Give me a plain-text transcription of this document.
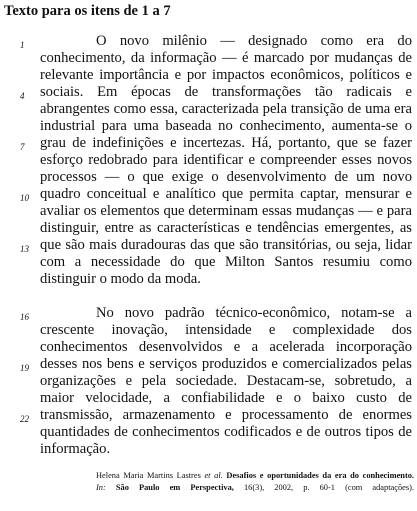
Texto para os itens de 1 a 7
1
4
7
10
13
16
19
22
O novo milênio — designado como era do
conhecimento, da informação — é marcado por mudanças de
relevante importância e por impactos econômicos, políticos e
sociais. Em épocas de transformações tão radicais e
abrangentes como essa, caracterizada pela transição de uma era
industrial para uma baseada no conhecimento, aumenta-se o
grau de indefinições e incertezas. Há, portanto, que se fazer
esforço redobrado para identificar e compreender esses novos
processos — o que exige o desenvolvimento de um novo
quadro conceitual e analítico que permita captar, mensurar e
avaliar os elementos que determinam essas mudanças — e para
distinguir, entre as características e tendências emergentes, as
que são mais duradouras das que são transitórias, ou seja, lidar
com a necessidade do que Milton Santos resumiu como
distinguir o modo da moda.
No novo padrão técnico-econômico, notam-se a
crescente inovação, intensidade e complexidade dos
conhecimentos desenvolvidos e a acelerada incorporação
desses nos bens e serviços produzidos e comercializados pelas
organizações e pela sociedade. Destacam-se, sobretudo, a
maior velocidade, a confiabilidade e o baixo custo de
transmissão, armazenamento e processamento de enormes
quantidades de conhecimentos codificados e de outros tipos de
informação.
Helena Maria Martins Lastres et al. Desafios e oportunidades da era do conhecimento.
In: São Paulo em Perspectiva, 16(3), 2002, p. 60-1 (com adaptações).
